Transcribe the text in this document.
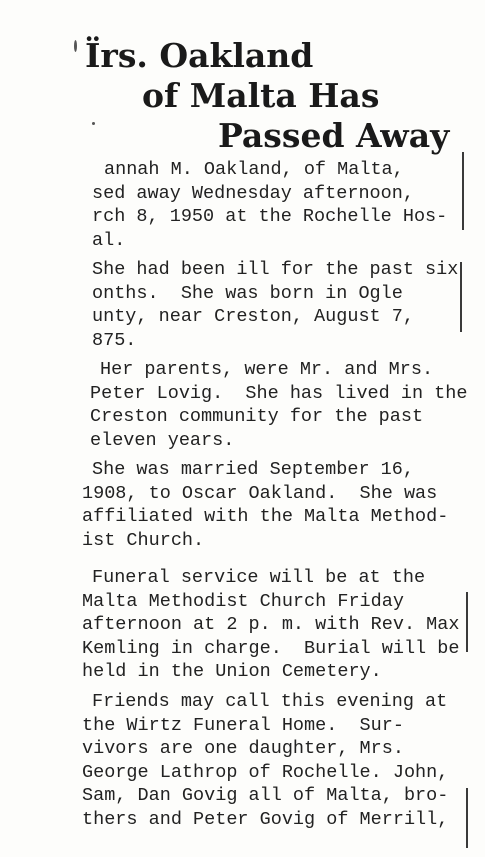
Ïrs. Oakland
of Malta Has
Passed Away
annah M. Oakland, of Malta,
sed away Wednesday afternoon,
rch 8, 1950 at the Rochelle Hos-
al.
She had been ill for the past six
onths.  She was born in Ogle
unty, near Creston, August 7,
875.
Her parents, were Mr. and Mrs.
Peter Lovig.  She has lived in the
Creston community for the past
eleven years.
She was married September 16,
1908, to Oscar Oakland.  She was
affiliated with the Malta Method-
ist Church.
Funeral service will be at the
Malta Methodist Church Friday
afternoon at 2 p. m. with Rev. Max
Kemling in charge.  Burial will be
held in the Union Cemetery.
Friends may call this evening at
the Wirtz Funeral Home.  Sur-
vivors are one daughter, Mrs.
George Lathrop of Rochelle. John,
Sam, Dan Govig all of Malta, bro-
thers and Peter Govig of Merrill,
